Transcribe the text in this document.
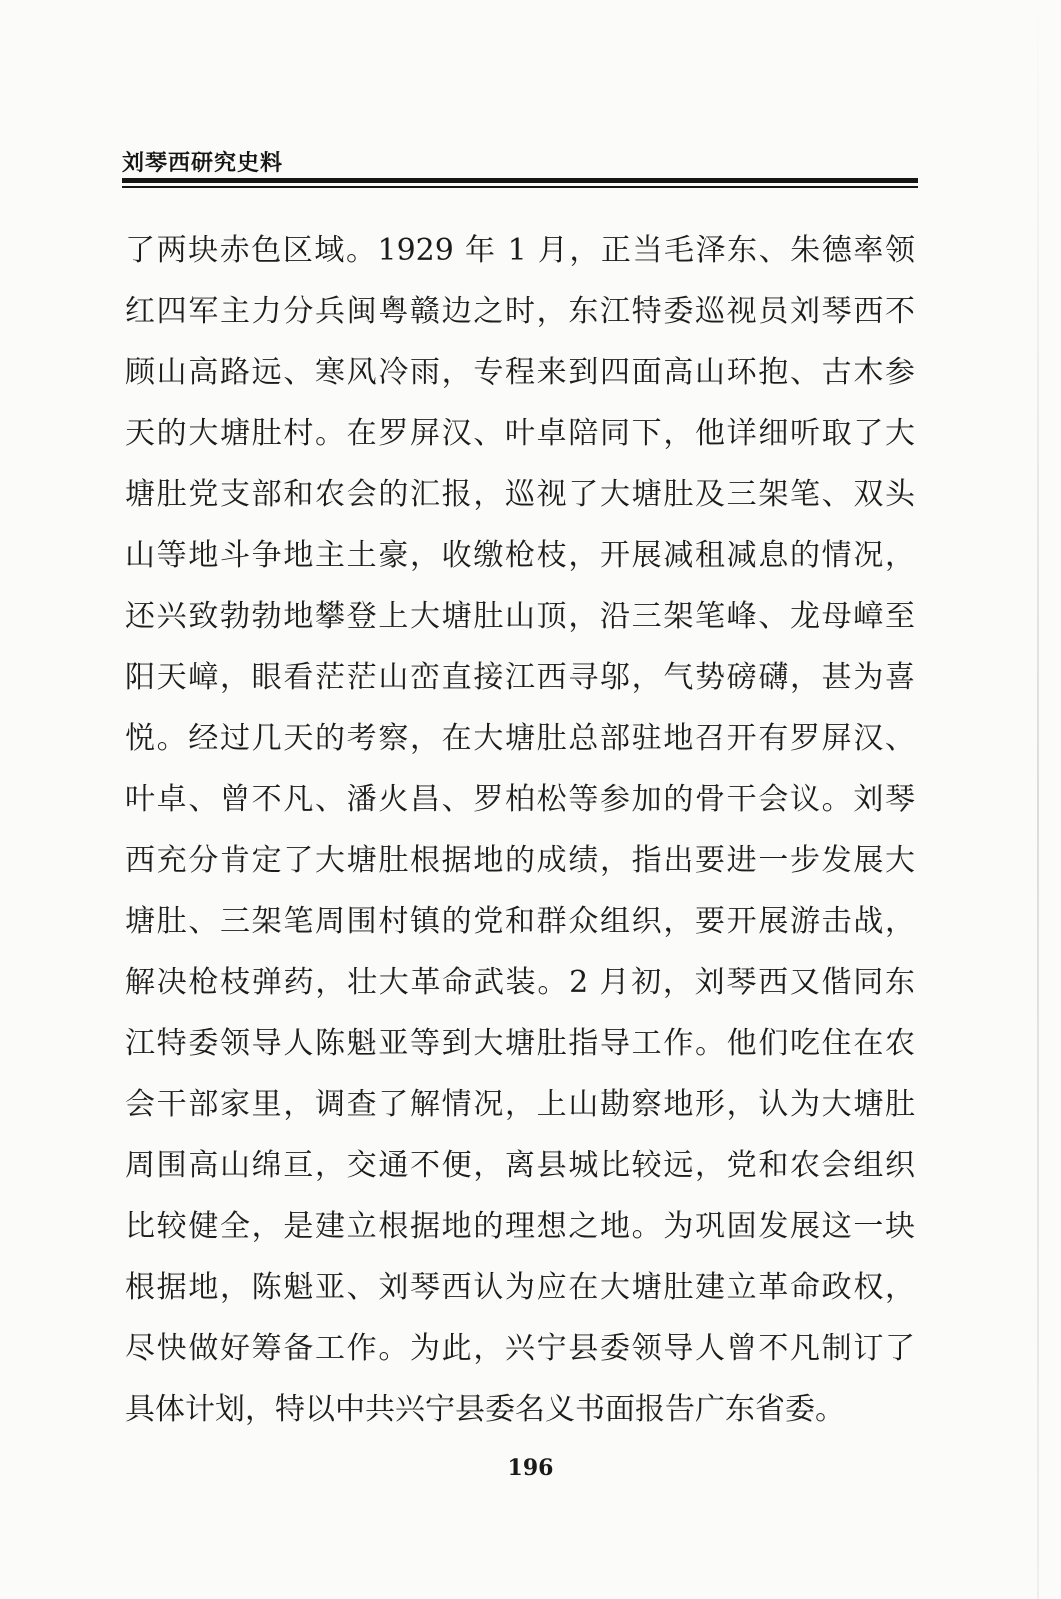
刘琴西研究史料
了两块赤色区域。1929 年 1 月，正当毛泽东、朱德率领
红四军主力分兵闽粤赣边之时，东江特委巡视员刘琴西不
顾山高路远、寒风冷雨，专程来到四面高山环抱、古木参
天的大塘肚村。在罗屏汉、叶卓陪同下，他详细听取了大
塘肚党支部和农会的汇报，巡视了大塘肚及三架笔、双头
山等地斗争地主土豪，收缴枪枝，开展减租减息的情况，
还兴致勃勃地攀登上大塘肚山顶，沿三架笔峰、龙母嶂至
阳天嶂，眼看茫茫山峦直接江西寻邬，气势磅礴，甚为喜
悦。经过几天的考察，在大塘肚总部驻地召开有罗屏汉、
叶卓、曾不凡、潘火昌、罗柏松等参加的骨干会议。刘琴
西充分肯定了大塘肚根据地的成绩，指出要进一步发展大
塘肚、三架笔周围村镇的党和群众组织，要开展游击战，
解决枪枝弹药，壮大革命武装。2 月初，刘琴西又偕同东
江特委领导人陈魁亚等到大塘肚指导工作。他们吃住在农
会干部家里，调查了解情况，上山勘察地形，认为大塘肚
周围高山绵亘，交通不便，离县城比较远，党和农会组织
比较健全，是建立根据地的理想之地。为巩固发展这一块
根据地，陈魁亚、刘琴西认为应在大塘肚建立革命政权，
尽快做好筹备工作。为此，兴宁县委领导人曾不凡制订了
具体计划，特以中共兴宁县委名义书面报告广东省委。
196
